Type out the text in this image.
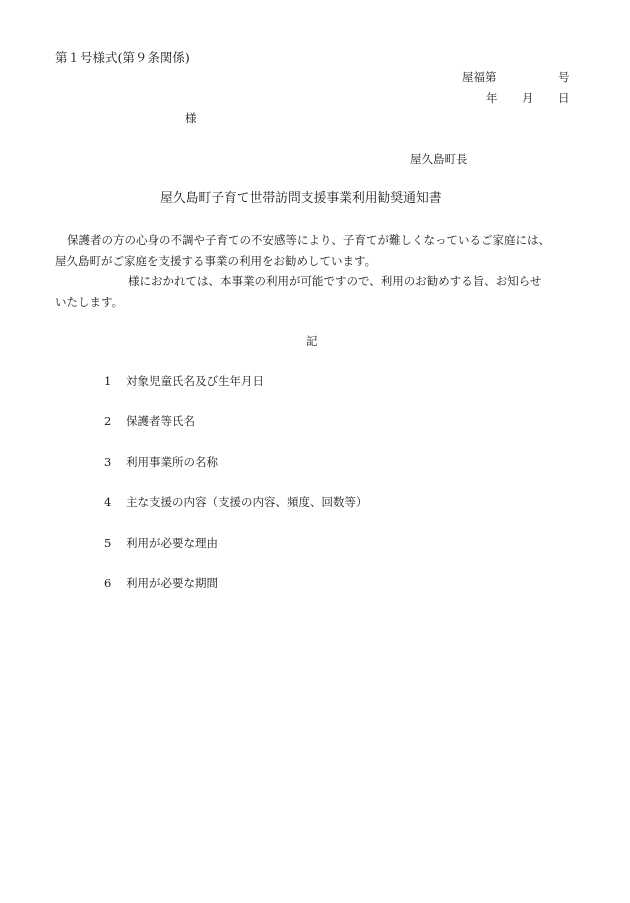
第１号様式(第９条関係)
屋福第	号
年 月 日
様
屋久島町長
屋久島町子育て世帯訪問支援事業利用勧奨通知書
保護者の方の心身の不調や子育ての不安感等により、子育てが難しくなっているご家庭には、
屋久島町がご家庭を支援する事業の利用をお勧めしています。
様におかれては、本事業の利用が可能ですので、利用のお勧めする旨、お知らせ
いたします。
記
1 対象児童氏名及び生年月日
2 保護者等氏名
3 利用事業所の名称
4 主な支援の内容（支援の内容、頻度、回数等）
5 利用が必要な理由
6 利用が必要な期間
